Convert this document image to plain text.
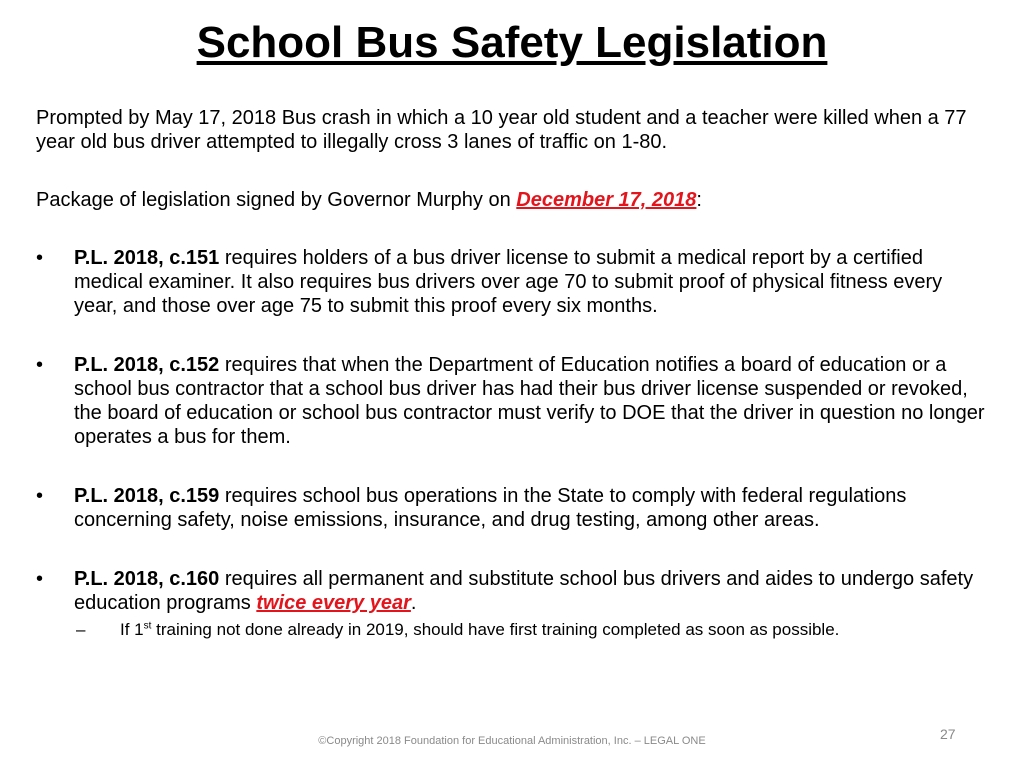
School Bus Safety Legislation
Prompted by May 17, 2018 Bus crash in which a 10 year old student and a teacher were killed when a 77 year old bus driver attempted to illegally cross 3 lanes of traffic on 1-80.
Package of legislation signed by Governor Murphy on December 17, 2018:
• P.L. 2018, c.151 requires holders of a bus driver license to submit a medical report by a certified medical examiner. It also requires bus drivers over age 70 to submit proof of physical fitness every year, and those over age 75 to submit this proof every six months.
• P.L. 2018, c.152 requires that when the Department of Education notifies a board of education or a school bus contractor that a school bus driver has had their bus driver license suspended or revoked, the board of education or school bus contractor must verify to DOE that the driver in question no longer operates a bus for them.
• P.L. 2018, c.159 requires school bus operations in the State to comply with federal regulations concerning safety, noise emissions, insurance, and drug testing, among other areas.
• P.L. 2018, c.160 requires all permanent and substitute school bus drivers and aides to undergo safety education programs twice every year.
– If 1st training not done already in 2019, should have first training completed as soon as possible.
27
©Copyright 2018 Foundation for Educational Administration, Inc. – LEGAL ONE
